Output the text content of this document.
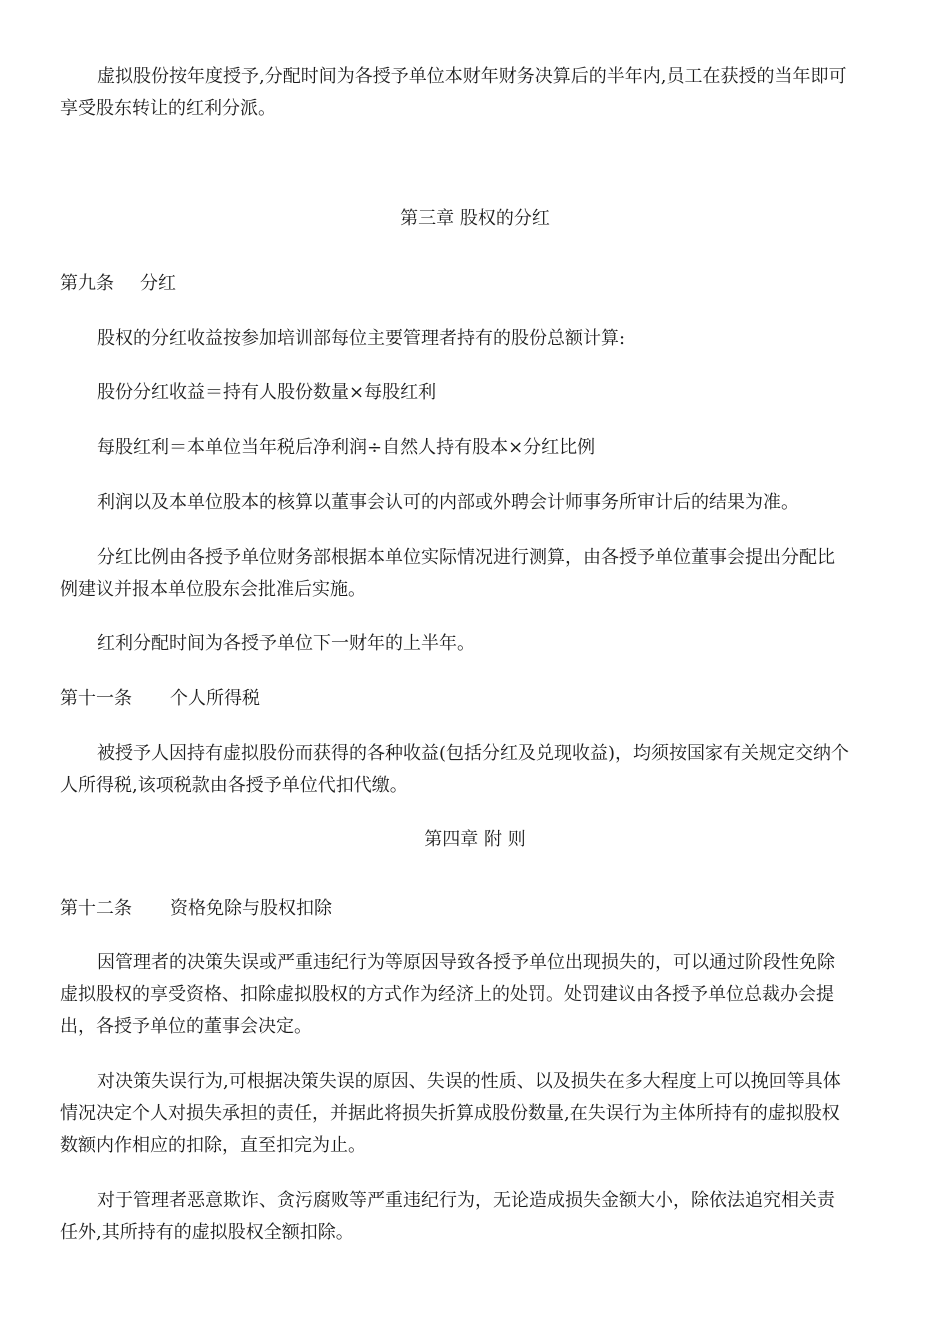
虚拟股份按年度授予,分配时间为各授予单位本财年财务决算后的半年内,员工在获授的当年即可
享受股东转让的红利分派。
第三章 股权的分红
第九条 分红
股权的分红收益按参加培训部每位主要管理者持有的股份总额计算:
股份分红收益＝持有人股份数量×每股红利
每股红利＝本单位当年税后净利润÷自然人持有股本×分红比例
利润以及本单位股本的核算以董事会认可的内部或外聘会计师事务所审计后的结果为准。
分红比例由各授予单位财务部根据本单位实际情况进行测算，由各授予单位董事会提出分配比
例建议并报本单位股东会批准后实施。
红利分配时间为各授予单位下一财年的上半年。
第十一条 个人所得税
被授予人因持有虚拟股份而获得的各种收益(包括分红及兑现收益)，均须按国家有关规定交纳个
人所得税,该项税款由各授予单位代扣代缴。
第四章 附 则
第十二条 资格免除与股权扣除
因管理者的决策失误或严重违纪行为等原因导致各授予单位出现损失的，可以通过阶段性免除
虚拟股权的享受资格、扣除虚拟股权的方式作为经济上的处罚。处罚建议由各授予单位总裁办会提
出，各授予单位的董事会决定。
对决策失误行为,可根据决策失误的原因、失误的性质、以及损失在多大程度上可以挽回等具体
情况决定个人对损失承担的责任，并据此将损失折算成股份数量,在失误行为主体所持有的虚拟股权
数额内作相应的扣除，直至扣完为止。
对于管理者恶意欺诈、贪污腐败等严重违纪行为，无论造成损失金额大小，除依法追究相关责
任外,其所持有的虚拟股权全额扣除。
